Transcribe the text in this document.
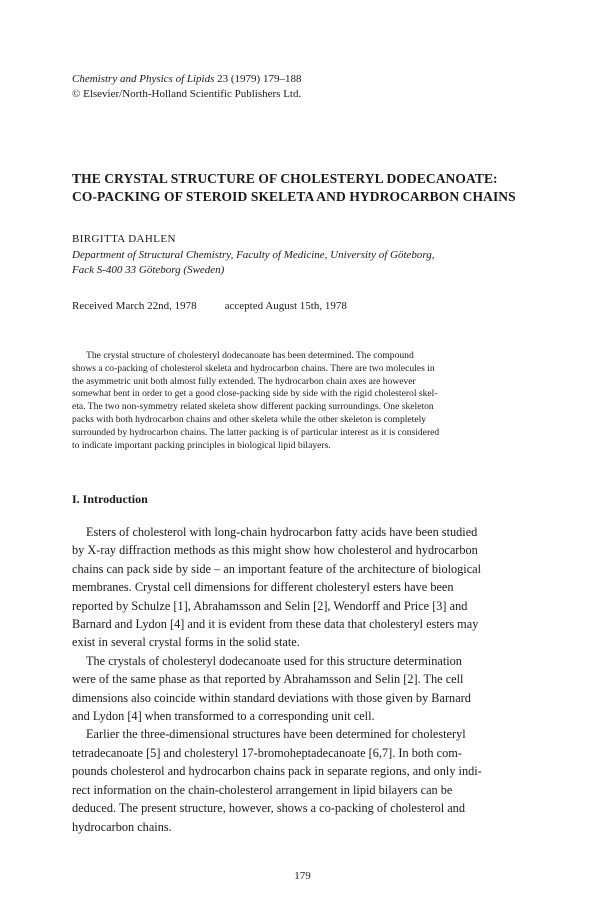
Chemistry and Physics of Lipids 23 (1979) 179–188
© Elsevier/North-Holland Scientific Publishers Ltd.
THE CRYSTAL STRUCTURE OF CHOLESTERYL DODECANOATE:
CO-PACKING OF STEROID SKELETA AND HYDROCARBON CHAINS
BIRGITTA DAHLEN
Department of Structural Chemistry, Faculty of Medicine, University of Göteborg,
Fack S-400 33 Göteborg (Sweden)
Received March 22nd, 1978	accepted August 15th, 1978
The crystal structure of cholesteryl dodecanoate has been determined. The compound
shows a co-packing of cholesterol skeleta and hydrocarbon chains. There are two molecules in
the asymmetric unit both almost fully extended. The hydrocarbon chain axes are however
somewhat bent in order to get a good close-packing side by side with the rigid cholesterol skel-
eta. The two non-symmetry related skeleta show different packing surroundings. One skeleton
packs with both hydrocarbon chains and other skeleta while the other skeleton is completely
surrounded by hydrocarbon chains. The latter packing is of particular interest as it is considered
to indicate important packing principles in biological lipid bilayers.
I. Introduction
Esters of cholesterol with long-chain hydrocarbon fatty acids have been studied
by X-ray diffraction methods as this might show how cholesterol and hydrocarbon
chains can pack side by side – an important feature of the architecture of biological
membranes. Crystal cell dimensions for different cholesteryl esters have been
reported by Schulze [1], Abrahamsson and Selin [2], Wendorff and Price [3] and
Barnard and Lydon [4] and it is evident from these data that cholesteryl esters may
exist in several crystal forms in the solid state.
The crystals of cholesteryl dodecanoate used for this structure determination
were of the same phase as that reported by Abrahamsson and Selin [2]. The cell
dimensions also coincide within standard deviations with those given by Barnard
and Lydon [4] when transformed to a corresponding unit cell.
Earlier the three-dimensional structures have been determined for cholesteryl
tetradecanoate [5] and cholesteryl 17-bromoheptadecanoate [6,7]. In both com-
pounds cholesterol and hydrocarbon chains pack in separate regions, and only indi-
rect information on the chain-cholesterol arrangement in lipid bilayers can be
deduced. The present structure, however, shows a co-packing of cholesterol and
hydrocarbon chains.
179
